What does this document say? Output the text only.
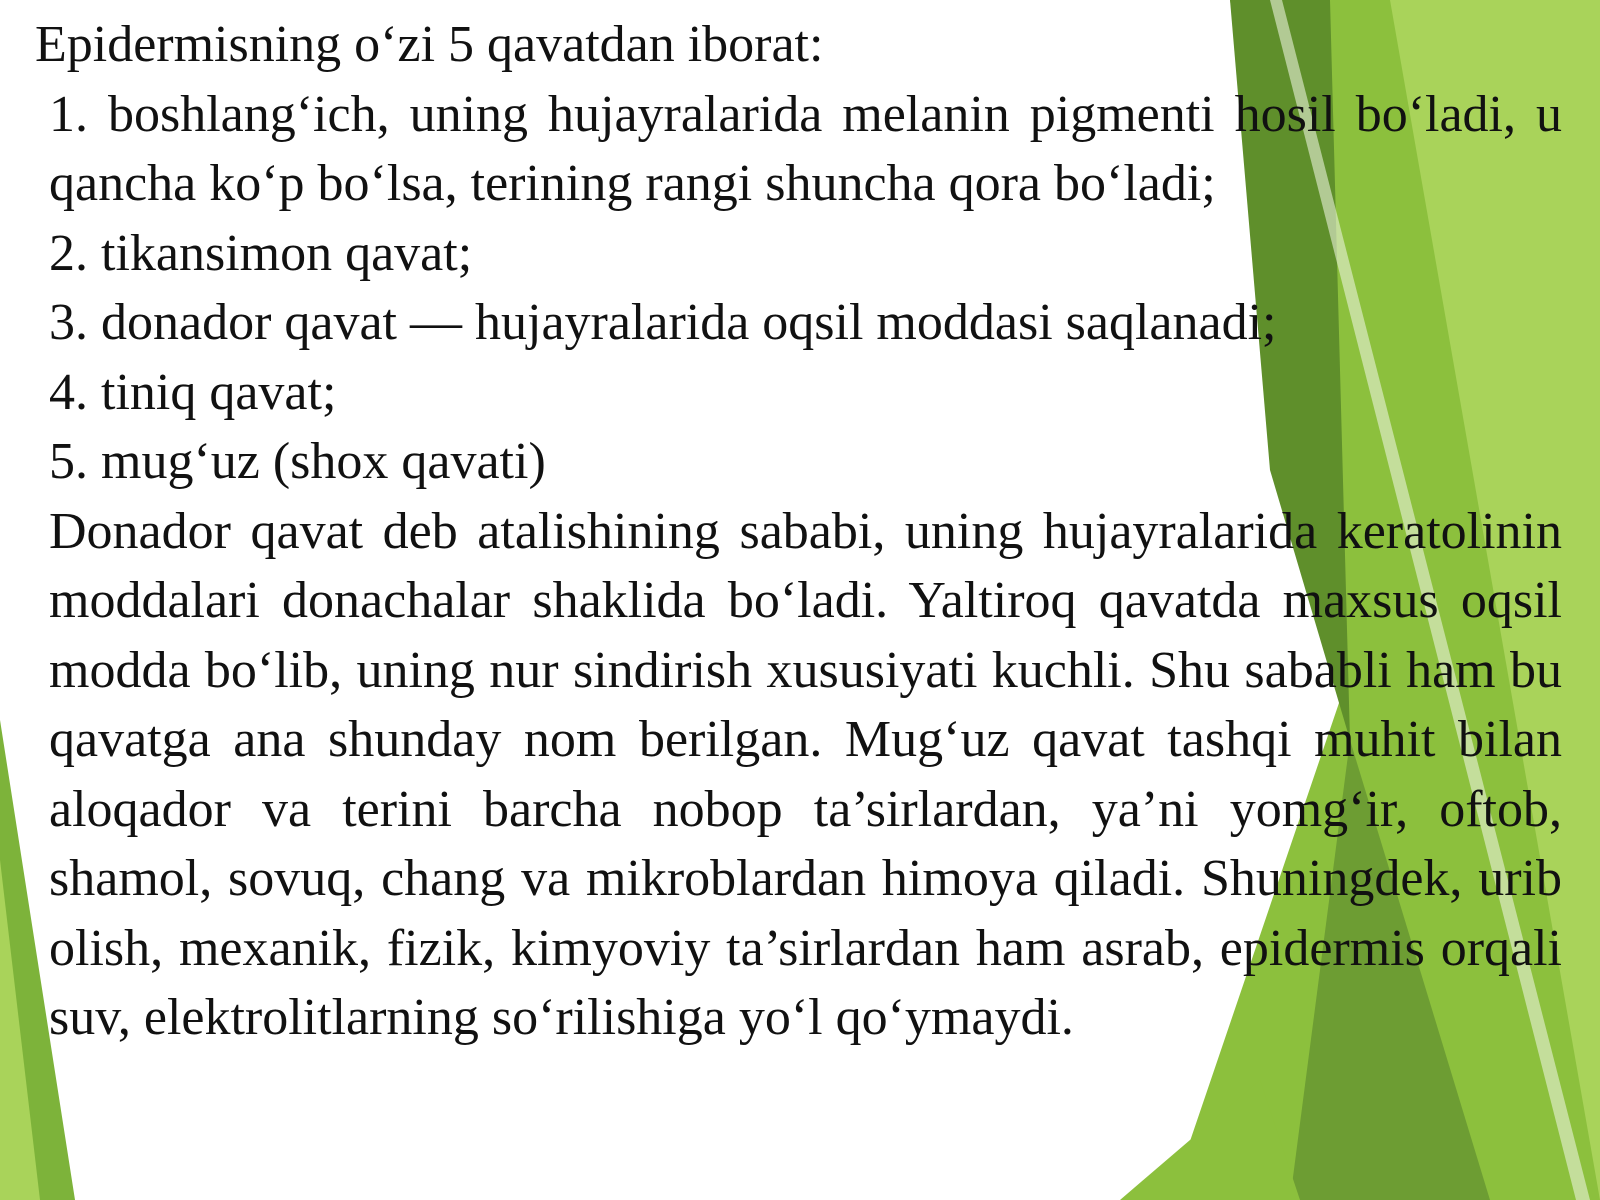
Epidermisning o‘zi 5 qavatdan iborat:

1. boshlang‘ich, uning hujayralarida melanin pigmenti hosil bo‘ladi, u qancha ko‘p bo‘lsa, terining rangi shuncha qora bo‘ladi;

2. tikansimon qavat;

3. donador qavat — hujayralarida oqsil moddasi saqlanadi;

4. tiniq qavat;

5. mug‘uz (shox qavati)

Donador qavat deb atalishining sababi, uning hujayralarida keratolinin moddalari donachalar shaklida bo‘ladi. Yaltiroq qavatda maxsus oqsil modda bo‘lib, uning nur sindirish xususiyati kuchli. Shu sababli ham bu qavatga ana shunday nom berilgan. Mug‘uz qavat tashqi muhit bilan aloqador va terini barcha nobop ta’sirlardan, ya’ni yomg‘ir, oftob, shamol, sovuq, chang va mikroblardan himoya qiladi. Shuningdek, urib olish, mexanik, fizik, kimyoviy ta’sirlardan ham asrab, epidermis orqali suv, elektrolitlarning so‘rilishiga yo‘l qo‘ymaydi.
